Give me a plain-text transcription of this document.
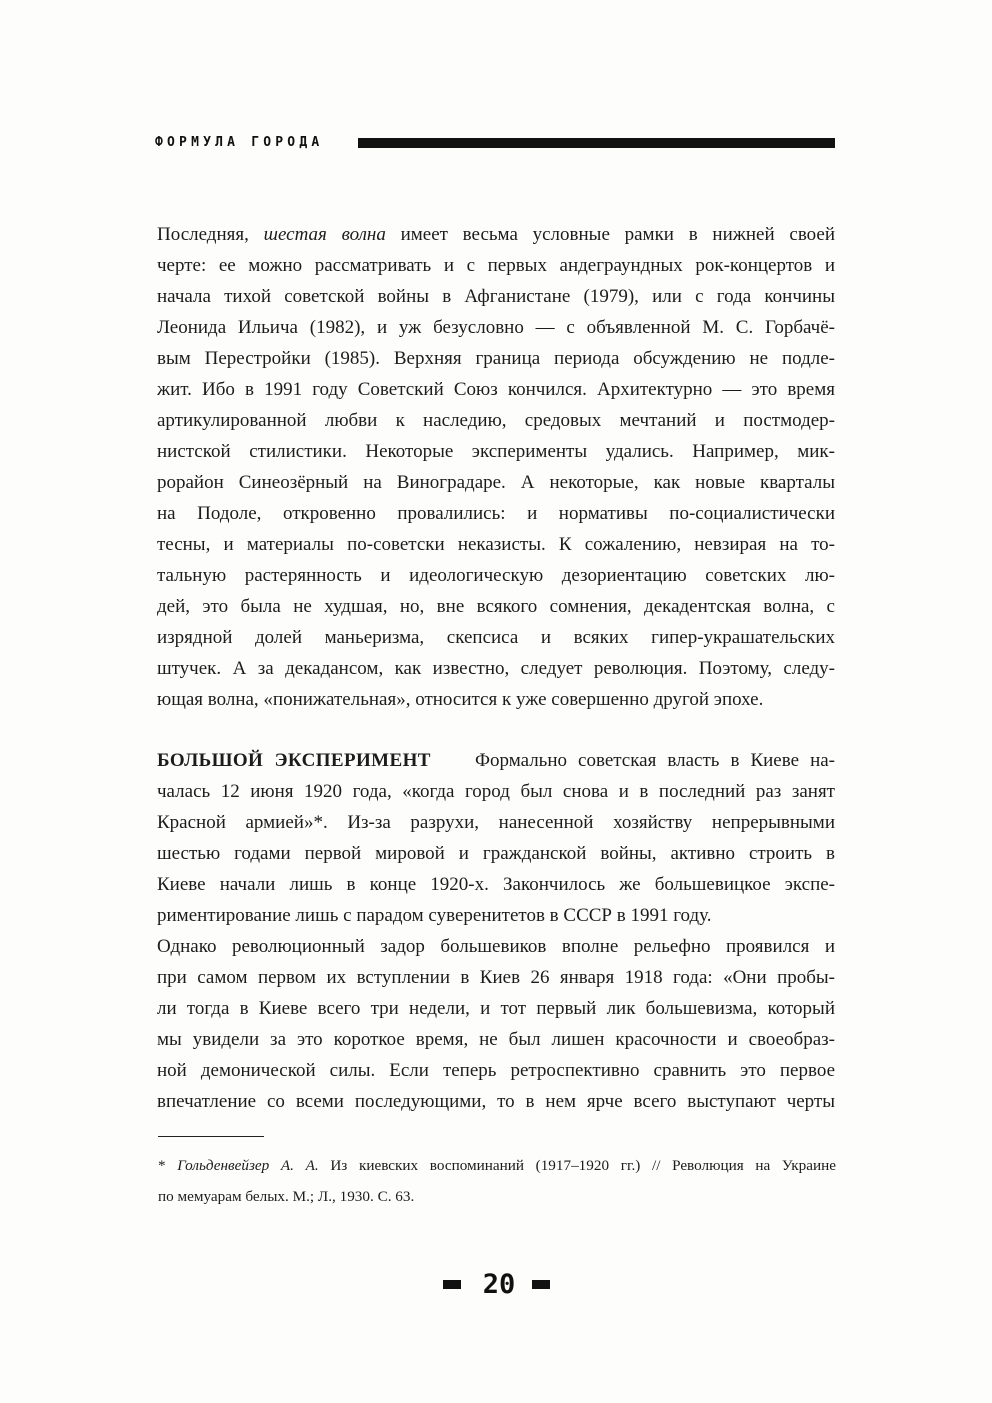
ФОРМУЛА ГОРОДА
Последняя, шестая волна имеет весьма условные рамки в нижней своей
черте: ее можно рассматривать и с первых андеграундных рок-концертов и
начала тихой советской войны в Афганистане (1979), или с года кончины
Леонида Ильича (1982), и уж безусловно — с объявленной М. С. Горбачё-
вым Перестройки (1985). Верхняя граница периода обсуждению не подле-
жит. Ибо в 1991 году Советский Союз кончился. Архитектурно — это время
артикулированной любви к наследию, средовых мечтаний и постмодер-
нистской стилистики. Некоторые эксперименты удались. Например, мик-
рорайон Синеозёрный на Виноградаре. А некоторые, как новые кварталы
на Подоле, откровенно провалились: и нормативы по-социалистически
тесны, и материалы по-советски неказисты. К сожалению, невзирая на то-
тальную растерянность и идеологическую дезориентацию советских лю-
дей, это была не худшая, но, вне всякого сомнения, декадентская волна, с
изрядной долей маньеризма, скепсиса и всяких гипер-украшательских
штучек. А за декадансом, как известно, следует революция. Поэтому, следу-
ющая волна, «понижательная», относится к уже совершенно другой эпохе.
БОЛЬШОЙ ЭКСПЕРИМЕНТ Формально советская власть в Киеве на-
чалась 12 июня 1920 года, «когда город был снова и в последний раз занят
Красной армией»*. Из-за разрухи, нанесенной хозяйству непрерывными
шестью годами первой мировой и гражданской войны, активно строить в
Киеве начали лишь в конце 1920-х. Закончилось же большевицкое экспе-
риментирование лишь с парадом суверенитетов в СССР в 1991 году.
Однако революционный задор большевиков вполне рельефно проявился и
при самом первом их вступлении в Киев 26 января 1918 года: «Они пробы-
ли тогда в Киеве всего три недели, и тот первый лик большевизма, который
мы увидели за это короткое время, не был лишен красочности и своеобраз-
ной демонической силы. Если теперь ретроспективно сравнить это первое
впечатление со всеми последующими, то в нем ярче всего выступают черты
* Гольденвейзер А. А. Из киевских воспоминаний (1917–1920 гг.) // Революция на Украине
по мемуарам белых. М.; Л., 1930. С. 63.
20
